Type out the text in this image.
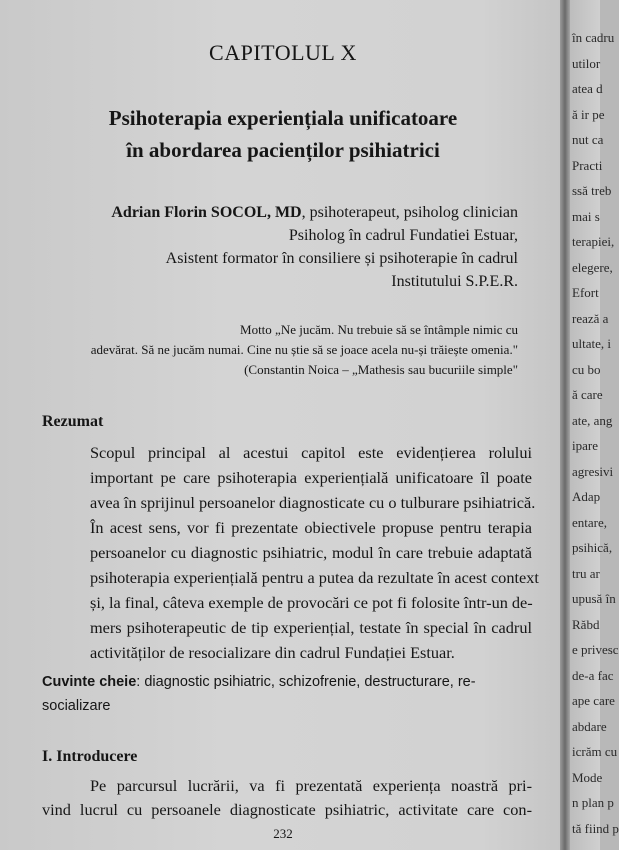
CAPITOLUL X
Psihoterapia experiențiala unificatoare
în abordarea pacienților psihiatrici
Adrian Florin SOCOL, MD, psihoterapeut, psiholog clinician
Psiholog în cadrul Fundatiei Estuar,
Asistent formator în consiliere și psihoterapie în cadrul
Institutului S.P.E.R.
Motto „Ne jucăm. Nu trebuie să se întâmple nimic cu
adevărat. Să ne jucăm numai. Cine nu știe să se joace acela nu-și trăiește omenia."
(Constantin Noica – „Mathesis sau bucuriile simple"
Rezumat
Scopul principal al acestui capitol este evidențierea rolului
important pe care psihoterapia experiențială unificatoare îl poate
avea în sprijinul persoanelor diagnosticate cu o tulburare psihiatrică.
În acest sens, vor fi prezentate obiectivele propuse pentru terapia
persoanelor cu diagnostic psihiatric, modul în care trebuie adaptată
psihoterapia experiențială pentru a putea da rezultate în acest context
și, la final, câteva exemple de provocări ce pot fi folosite într-un de-
mers psihoterapeutic de tip experiențial, testate în special în cadrul
activităților de resocializare din cadrul Fundației Estuar.
Cuvinte cheie: diagnostic psihiatric, schizofrenie, destructurare, re-
socializare
I. Introducere
Pe parcursul lucrării, va fi prezentată experiența noastră pri-
vind lucrul cu persoanele diagnosticate psihiatric, activitate care con-
232
în cadru
utilor
atea d
ă ir pe
nut ca
Practi
ssă treb
mai s
terapiei,
elegere,
Efort
rează a
ultate, i
cu bo
ă care
ate, ang
ipare
agresivi
Adap
entare,
psihică,
tru ar
upusă în
Răbd
e privesc
de-a fac
ape care
abdare
icrăm cu
Mode
n plan p
tă fiind p
